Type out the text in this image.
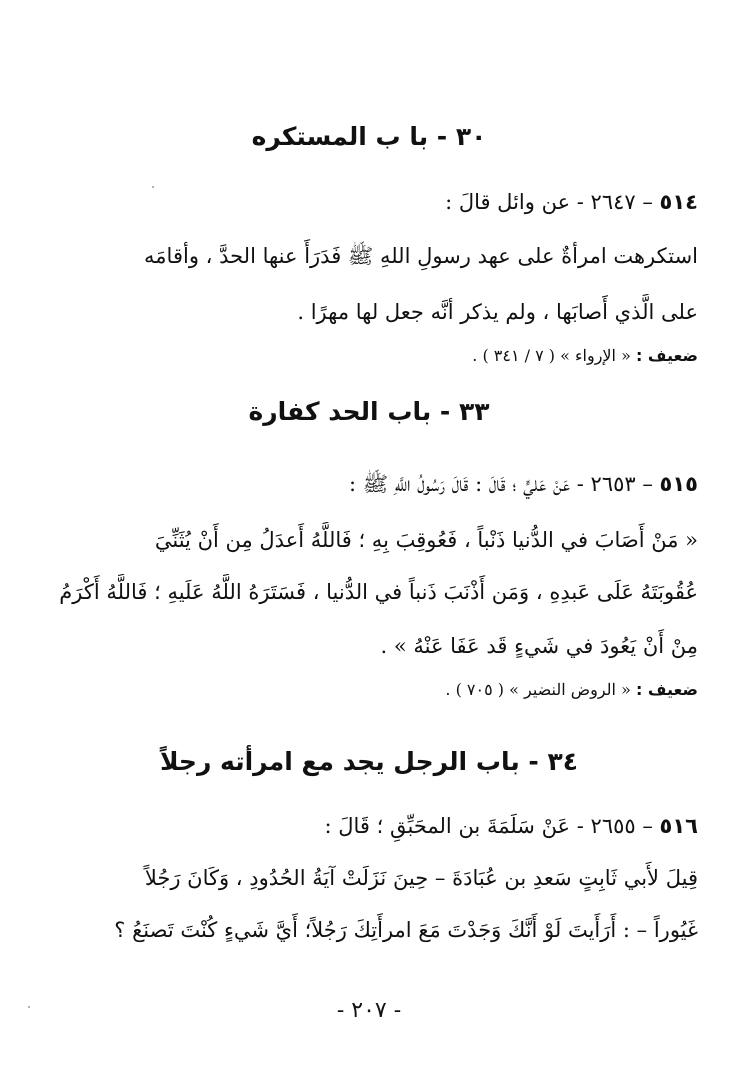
٣٠ - با ب المستكره
٥١٤ – ٢٦٤٧ - عن وائل قالَ :
استكرهت امرأةٌ على عهد رسولِ اللهِ ﷺ فَدَرَأَ عنها الحدَّ ، وأقامَه
على الَّذي أَصابَها ، ولم يذكر أنَّه جعل لها مهرًا .
ضعيف : « الإرواء » ( ٧ / ٣٤١ ) .
٣٣ - باب الحد كفارة
٥١٥ – ٢٦٥٣ - عَنْ عَليٍّ ؛ قَالَ : قَالَ رَسُولُ اللَّهِ ﷺ :
« مَنْ أَصَابَ في الدُّنيا ذَنْباً ، فَعُوقِبَ بِهِ ؛ فَاللَّهُ أَعدَلُ مِن أَنْ يُثَنِّيَ
عُقُوبَتَهُ عَلَى عَبدِهِ ، وَمَن أَذْنَبَ ذَنباً في الدُّنيا ، فَسَتَرَهُ اللَّهُ عَلَيهِ ؛ فَاللَّهُ أَكْرَمُ
مِنْ أَنْ يَعُودَ في شَيءٍ قَد عَفَا عَنْهُ » .
ضعيف : « الروض النضير » ( ٧٠٥ ) .
٣٤ - باب الرجل يجد مع امرأته رجلاً
٥١٦ – ٢٦٥٥ - عَنْ سَلَمَةَ بن المحَبِّقِ ؛ قَالَ :
قِيلَ لأَبي ثَابِتٍ سَعدِ بن عُبَادَةَ – حِينَ نَزَلَتْ آيَةُ الحُدُودِ ، وَكَانَ رَجُلاً
غَيُوراً – : أَرَأَيتَ لَوْ أَنَّكَ وَجَدْتَ مَعَ امرأَتِكَ رَجُلاً؛ أَيَّ شَيءٍ كُنْتَ تَصنَعُ ؟
- ٢٠٧ -
